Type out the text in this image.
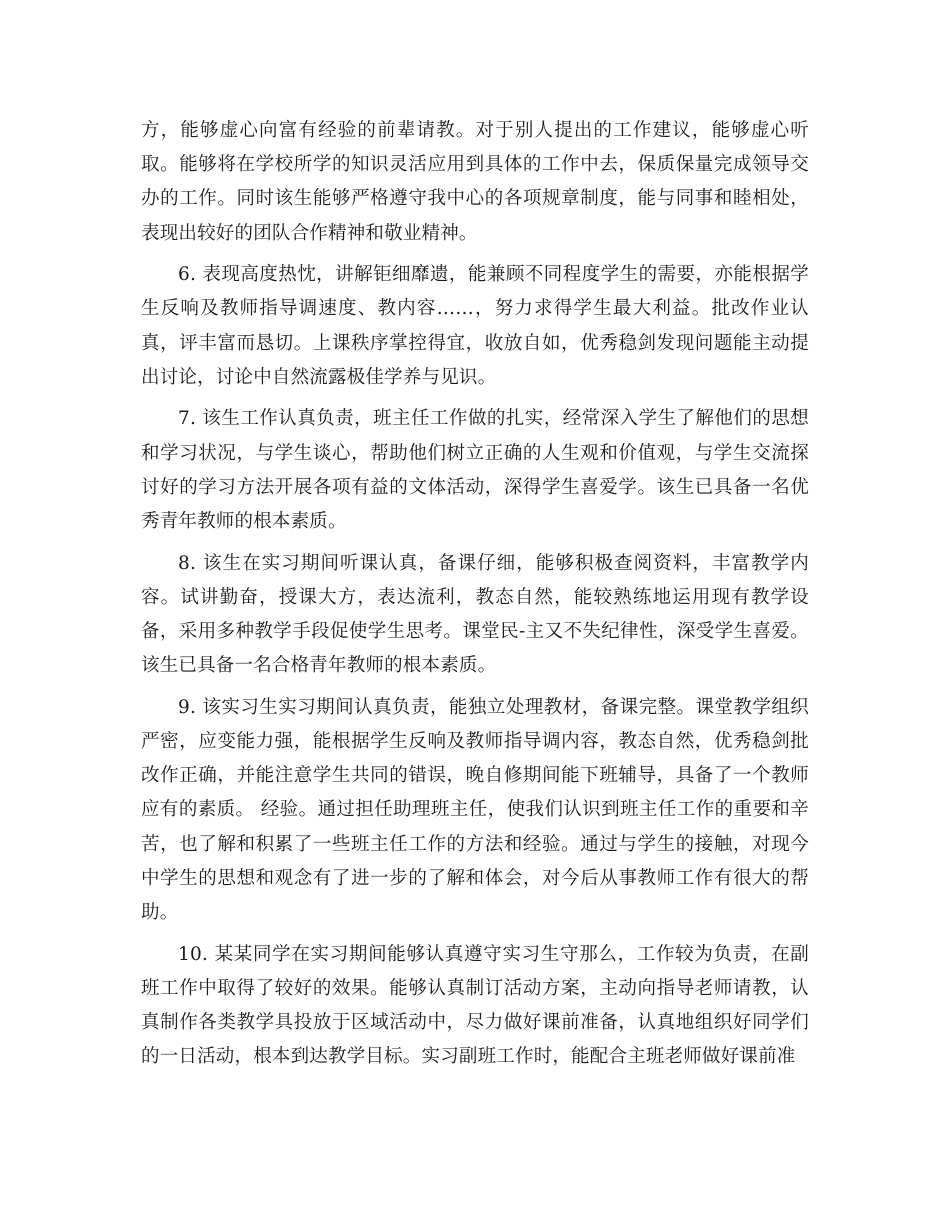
方，能够虚心向富有经验的前辈请教。对于别人提出的工作建议，能够虚心听取。能够将在学校所学的知识灵活应用到具体的工作中去，保质保量完成领导交办的工作。同时该生能够严格遵守我中心的各项规章制度，能与同事和睦相处，表现出较好的团队合作精神和敬业精神。

6. 表现高度热忱，讲解钜细靡遗，能兼顾不同程度学生的需要，亦能根据学生反响及教师指导调速度、教内容……，努力求得学生最大利益。批改作业认真，评丰富而恳切。上课秩序掌控得宜，收放自如，优秀稳剑发现问题能主动提出讨论，讨论中自然流露极佳学养与见识。

7. 该生工作认真负责，班主任工作做的扎实，经常深入学生了解他们的思想和学习状况，与学生谈心，帮助他们树立正确的人生观和价值观，与学生交流探讨好的学习方法开展各项有益的文体活动，深得学生喜爱学。该生已具备一名优秀青年教师的根本素质。

8. 该生在实习期间听课认真，备课仔细，能够积极查阅资料，丰富教学内容。试讲勤奋，授课大方，表达流利，教态自然，能较熟练地运用现有教学设备，采用多种教学手段促使学生思考。课堂民-主又不失纪律性，深受学生喜爱。该生已具备一名合格青年教师的根本素质。

9. 该实习生实习期间认真负责，能独立处理教材，备课完整。课堂教学组织严密，应变能力强，能根据学生反响及教师指导调内容，教态自然，优秀稳剑批改作正确，并能注意学生共同的错误，晚自修期间能下班辅导，具备了一个教师应有的素质。 经验。通过担任助理班主任，使我们认识到班主任工作的重要和辛苦，也了解和积累了一些班主任工作的方法和经验。通过与学生的接触，对现今中学生的思想和观念有了进一步的了解和体会，对今后从事教师工作有很大的帮助。

10. 某某同学在实习期间能够认真遵守实习生守那么，工作较为负责，在副班工作中取得了较好的效果。能够认真制订活动方案，主动向指导老师请教，认真制作各类教学具投放于区域活动中，尽力做好课前准备，认真地组织好同学们的一日活动，根本到达教学目标。实习副班工作时，能配合主班老师做好课前准
